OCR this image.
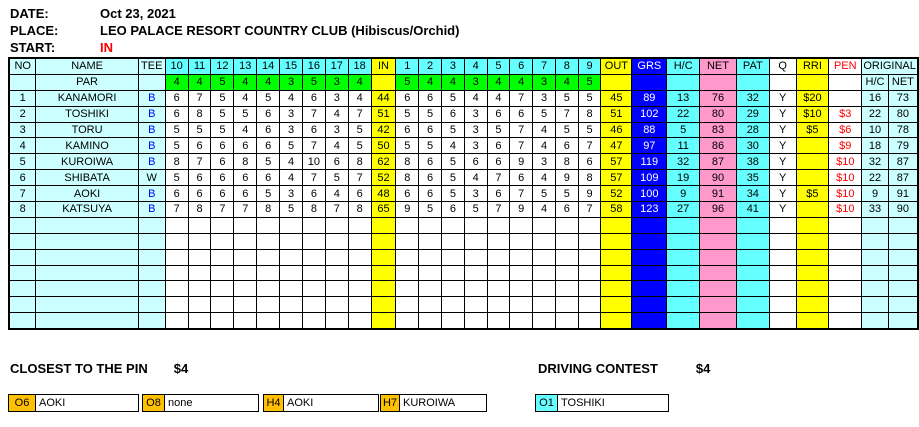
DATE:	Oct 23, 2021
PLACE:	LEO PALACE RESORT COUNTRY CLUB (Hibiscus/Orchid)
START:	IN
NO	NAME	TEE	10	11	12	13	14	15	16	17	18	IN	1	2	3	4	5	6	7	8	9	OUT	GRS	H/C	NET	PAT	Q	RRI	PEN	ORIGINAL	
	PAR		4	4	5	4	4	3	5	3	4		5	4	4	3	4	4	3	4	5									H/C	NET
1	KANAMORI	B	6	7	5	4	5	4	6	3	4	44	6	6	5	4	4	7	3	5	5	45	89	13	76	32	Y	$20		16	73
2	TOSHIKI	B	6	8	5	5	6	3	7	4	7	51	5	5	6	3	6	6	5	7	8	51	102	22	80	29	Y	$10	$3	22	80
3	TORU	B	5	5	5	4	6	3	6	3	5	42	6	6	5	3	5	7	4	5	5	46	88	5	83	28	Y	$5	$6	10	78
4	KAMINO	B	5	6	6	6	6	5	7	4	5	50	5	5	4	3	6	7	4	6	7	47	97	11	86	30	Y		$9	18	79
5	KUROIWA	B	8	7	6	8	5	4	10	6	8	62	8	6	5	6	6	9	3	8	6	57	119	32	87	38	Y		$10	32	87
6	SHIBATA	W	5	6	6	6	6	4	7	5	7	52	8	6	5	4	7	6	4	9	8	57	109	19	90	35	Y		$10	22	87
7	AOKI	B	6	6	6	6	5	3	6	4	6	48	6	6	5	3	6	7	5	5	9	52	100	9	91	34	Y	$5	$10	9	91
8	KATSUYA	B	7	8	7	7	8	5	8	7	8	65	9	5	6	5	7	9	4	6	7	58	123	27	96	41	Y		$10	33	90

CLOSEST TO THE PIN $4	DRIVING CONTEST	$4
O6 AOKI	O8 none	H4 AOKI	H7 KUROIWA	O1 TOSHIKI
